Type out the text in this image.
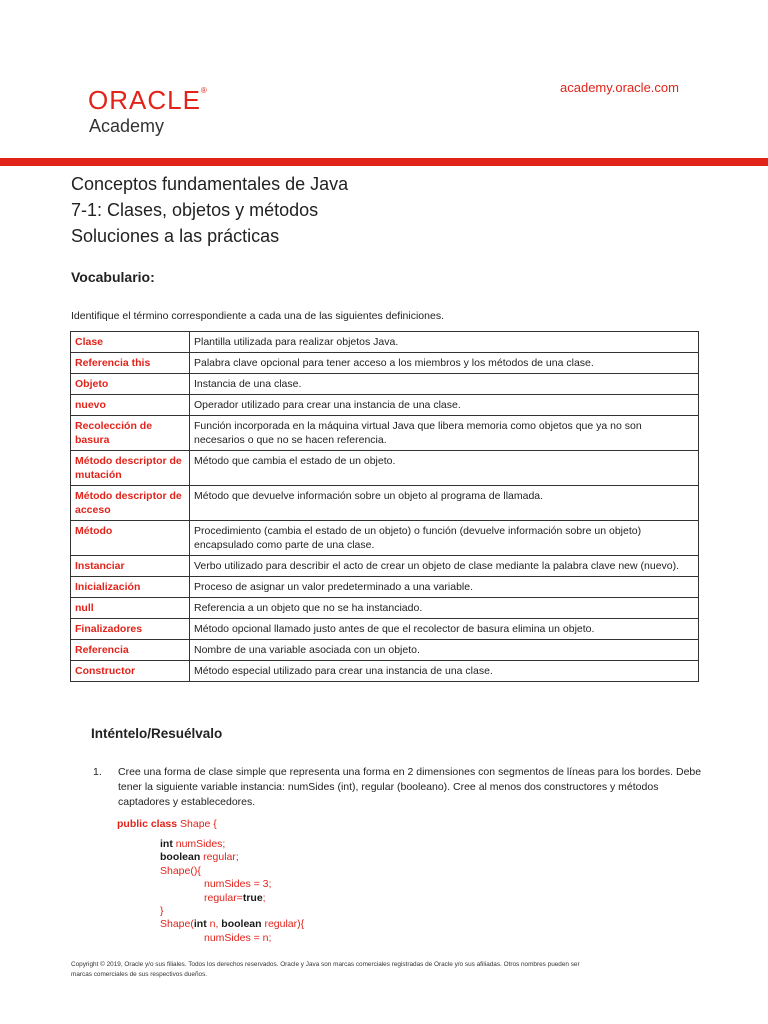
ORACLE®
Academy
academy.oracle.com
Conceptos fundamentales de Java
7-1: Clases, objetos y métodos
Soluciones a las prácticas
Vocabulario:
Identifique el término correspondiente a cada una de las siguientes definiciones.
Clase	Plantilla utilizada para realizar objetos Java.
Referencia this	Palabra clave opcional para tener acceso a los miembros y los métodos de una clase.
Objeto	Instancia de una clase.
nuevo	Operador utilizado para crear una instancia de una clase.
Recolección de basura	Función incorporada en la máquina virtual Java que libera memoria como objetos que ya no son necesarios o que no se hacen referencia.
Método descriptor de mutación	Método que cambia el estado de un objeto.
Método descriptor de acceso	Método que devuelve información sobre un objeto al programa de llamada.
Método	Procedimiento (cambia el estado de un objeto) o función (devuelve información sobre un objeto) encapsulado como parte de una clase.
Instanciar	Verbo utilizado para describir el acto de crear un objeto de clase mediante la palabra clave new (nuevo).
Inicialización	Proceso de asignar un valor predeterminado a una variable.
null	Referencia a un objeto que no se ha instanciado.
Finalizadores	Método opcional llamado justo antes de que el recolector de basura elimina un objeto.
Referencia	Nombre de una variable asociada con un objeto.
Constructor	Método especial utilizado para crear una instancia de una clase.
Inténtelo/Resuélvalo
1. Cree una forma de clase simple que representa una forma en 2 dimensiones con segmentos de líneas para los bordes. Debe tener la siguiente variable instancia: numSides (int), regular (booleano). Cree al menos dos constructores y métodos captadores y establecedores.
public class Shape {
int numSides;
boolean regular;
Shape(){
numSides = 3;
regular=true;
}
Shape(int n, boolean regular){
numSides = n;
Copyright © 2019, Oracle y/o sus filiales. Todos los derechos reservados. Oracle y Java son marcas comerciales registradas de Oracle y/o sus afiliadas. Otros nombres pueden ser
marcas comerciales de sus respectivos dueños.
